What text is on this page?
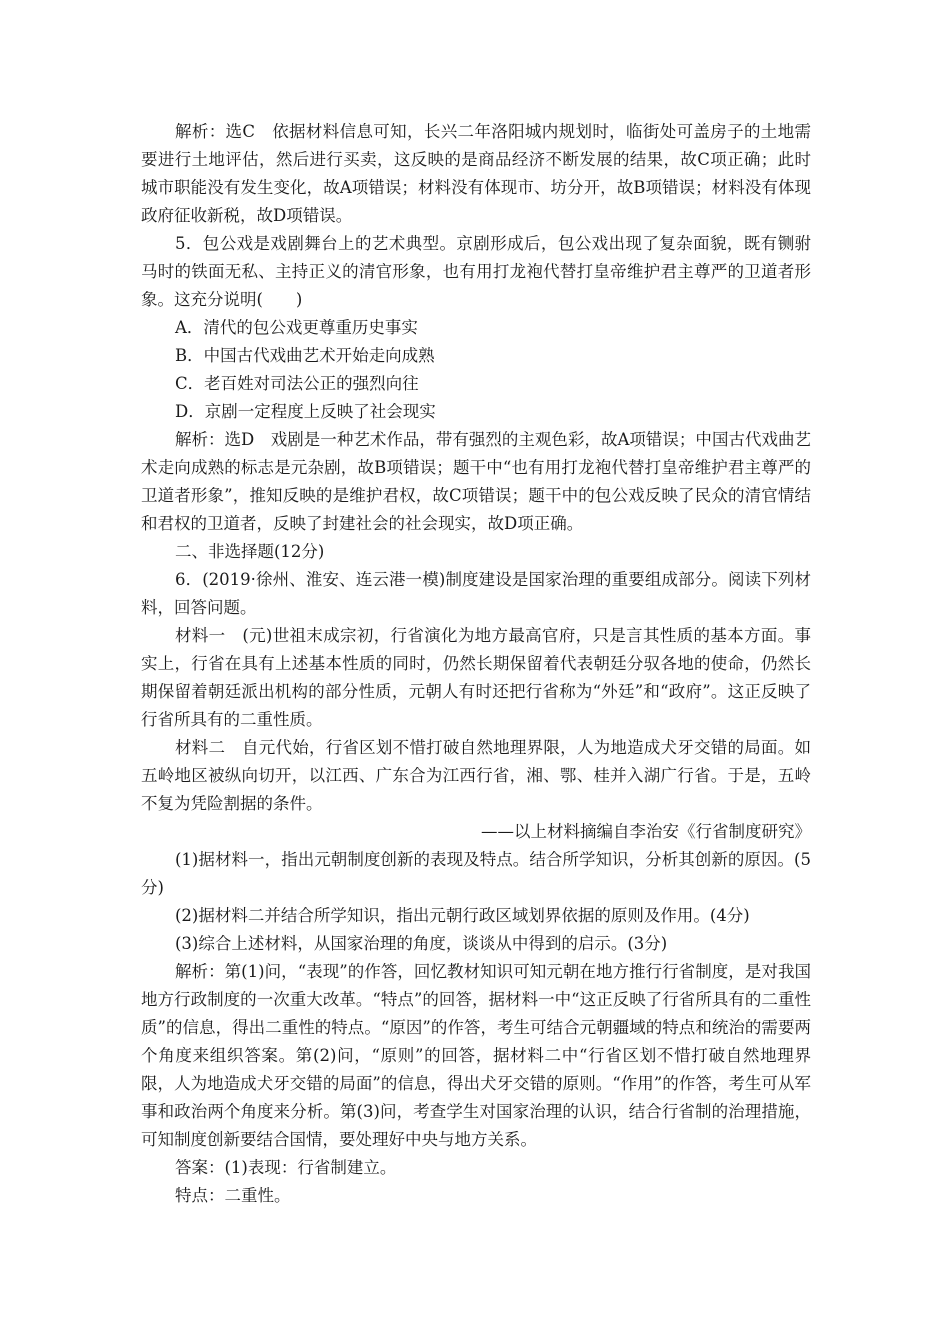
解析：选C　依据材料信息可知，长兴二年洛阳城内规划时，临街处可盖房子的土地需要进行土地评估，然后进行买卖，这反映的是商品经济不断发展的结果，故C项正确；此时城市职能没有发生变化，故A项错误；材料没有体现市、坊分开，故B项错误；材料没有体现政府征收新税，故D项错误。

5．包公戏是戏剧舞台上的艺术典型。京剧形成后，包公戏出现了复杂面貌，既有铡驸马时的铁面无私、主持正义的清官形象，也有用打龙袍代替打皇帝维护君主尊严的卫道者形象。这充分说明(　　)

A．清代的包公戏更尊重历史事实

B．中国古代戏曲艺术开始走向成熟

C．老百姓对司法公正的强烈向往

D．京剧一定程度上反映了社会现实

解析：选D　戏剧是一种艺术作品，带有强烈的主观色彩，故A项错误；中国古代戏曲艺术走向成熟的标志是元杂剧，故B项错误；题干中“也有用打龙袍代替打皇帝维护君主尊严的卫道者形象”，推知反映的是维护君权，故C项错误；题干中的包公戏反映了民众的清官情结和君权的卫道者，反映了封建社会的社会现实，故D项正确。

二、非选择题(12分)

6．(2019·徐州、淮安、连云港一模)制度建设是国家治理的重要组成部分。阅读下列材料，回答问题。

材料一　(元)世祖末成宗初，行省演化为地方最高官府，只是言其性质的基本方面。事实上，行省在具有上述基本性质的同时，仍然长期保留着代表朝廷分驭各地的使命，仍然长期保留着朝廷派出机构的部分性质，元朝人有时还把行省称为“外廷”和“政府”。这正反映了行省所具有的二重性质。

材料二　自元代始，行省区划不惜打破自然地理界限，人为地造成犬牙交错的局面。如五岭地区被纵向切开，以江西、广东合为江西行省，湘、鄂、桂并入湖广行省。于是，五岭不复为凭险割据的条件。

——以上材料摘编自李治安《行省制度研究》

(1)据材料一，指出元朝制度创新的表现及特点。结合所学知识，分析其创新的原因。(5分)

(2)据材料二并结合所学知识，指出元朝行政区域划界依据的原则及作用。(4分)

(3)综合上述材料，从国家治理的角度，谈谈从中得到的启示。(3分)

解析：第(1)问，“表现”的作答，回忆教材知识可知元朝在地方推行行省制度，是对我国地方行政制度的一次重大改革。“特点”的回答，据材料一中“这正反映了行省所具有的二重性质”的信息，得出二重性的特点。“原因”的作答，考生可结合元朝疆域的特点和统治的需要两个角度来组织答案。第(2)问，“原则”的回答，据材料二中“行省区划不惜打破自然地理界限，人为地造成犬牙交错的局面”的信息，得出犬牙交错的原则。“作用”的作答，考生可从军事和政治两个角度来分析。第(3)问，考查学生对国家治理的认识，结合行省制的治理措施，可知制度创新要结合国情，要处理好中央与地方关系。

答案：(1)表现：行省制建立。

特点：二重性。
